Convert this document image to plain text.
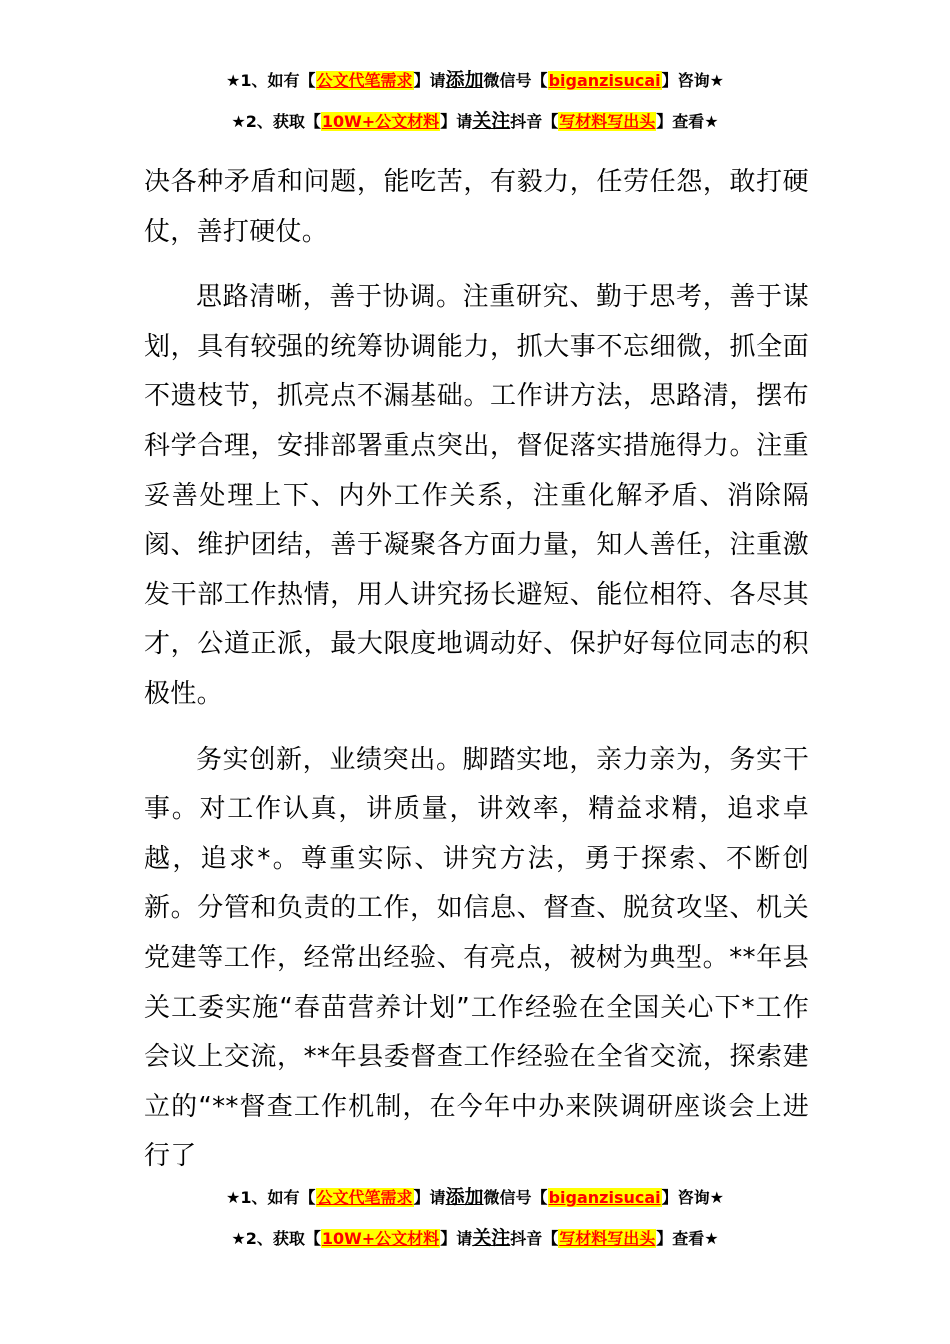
★1、如有【公文代笔需求】请添加微信号【biganzisucai】咨询★
★2、获取【10W+公文材料】请关注抖音【写材料写出头】查看★

决各种矛盾和问题，能吃苦，有毅力，任劳任怨，敢打硬仗，善打硬仗。

思路清晰，善于协调。注重研究、勤于思考，善于谋划，具有较强的统筹协调能力，抓大事不忘细微，抓全面不遗枝节，抓亮点不漏基础。工作讲方法，思路清，摆布科学合理，安排部署重点突出，督促落实措施得力。注重妥善处理上下、内外工作关系，注重化解矛盾、消除隔阂、维护团结，善于凝聚各方面力量，知人善任，注重激发干部工作热情，用人讲究扬长避短、能位相符、各尽其才，公道正派，最大限度地调动好、保护好每位同志的积极性。

务实创新，业绩突出。脚踏实地，亲力亲为，务实干事。对工作认真，讲质量，讲效率，精益求精，追求卓越，追求*。尊重实际、讲究方法，勇于探索、不断创新。分管和负责的工作，如信息、督查、脱贫攻坚、机关党建等工作，经常出经验、有亮点，被树为典型。**年县关工委实施“春苗营养计划”工作经验在全国关心下*工作会议上交流，**年县委督查工作经验在全省交流，探索建立的“**督查工作机制，在今年中办来陕调研座谈会上进行了

★1、如有【公文代笔需求】请添加微信号【biganzisucai】咨询★
★2、获取【10W+公文材料】请关注抖音【写材料写出头】查看★
